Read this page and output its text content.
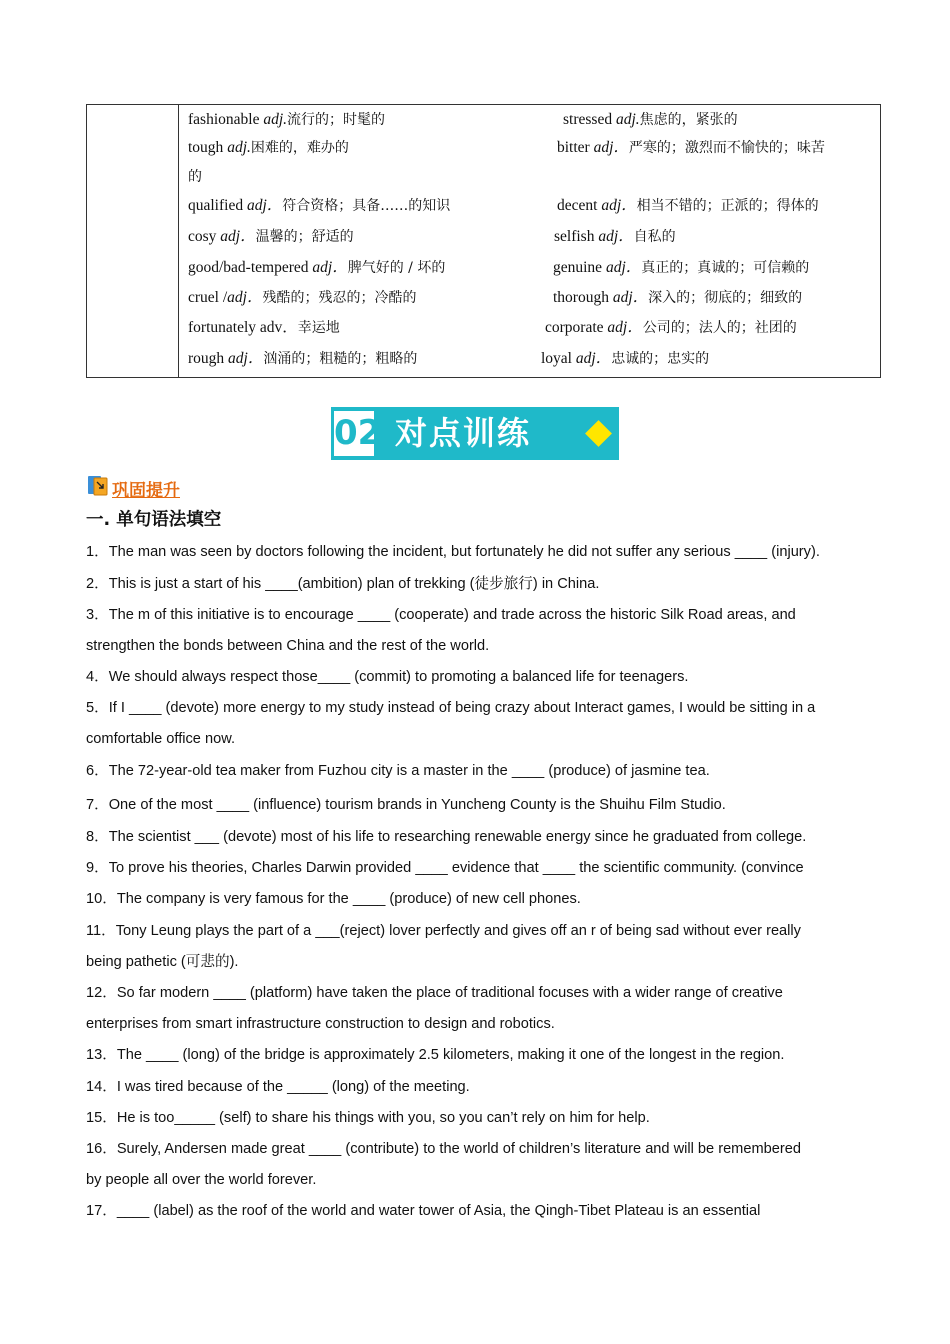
fashionable adj.流行的；时髦的	stressed adj.焦虑的，紧张的
tough adj.困难的，难办的	bitter adj．严寒的；激烈而不愉快的；味苦
的
qualified adj．符合资格；具备……的知识	decent adj．相当不错的；正派的；得体的
cosy adj．温馨的；舒适的	selfish adj．自私的
good/bad-tempered adj．脾气好的 / 坏的	genuine adj．真正的；真诚的；可信赖的
cruel /adj．残酷的；残忍的；冷酷的	thorough adj．深入的；彻底的；细致的
fortunately adv．幸运地	corporate adj．公司的；法人的；社团的
rough adj．汹涌的；粗糙的；粗略的	loyal adj．忠诚的；忠实的
02 对点训练
巩固提升
一. 单句语法填空
1．The man was seen by doctors following the incident, but fortunately he did not suffer any serious ____ (injury).
2．This is just a start of his ____(ambition) plan of trekking (徒步旅行) in China.
3．The m of this initiative is to encourage ____ (cooperate) and trade across the historic Silk Road areas, and
strengthen the bonds between China and the rest of the world.
4．We should always respect those____ (commit) to promoting a balanced life for teenagers.
5．If I ____ (devote) more energy to my study instead of being crazy about Interact games, I would be sitting in a
comfortable office now.
6．The 72-year-old tea maker from Fuzhou city is a master in the ____ (produce) of jasmine tea.
7．One of the most ____ (influence) tourism brands in Yuncheng County is the Shuihu Film Studio.
8．The scientist ___ (devote) most of his life to researching renewable energy since he graduated from college.
9．To prove his theories, Charles Darwin provided ____ evidence that ____ the scientific community. (convince
10．The company is very famous for the ____ (produce) of new cell phones.
11．Tony Leung plays the part of a ___(reject) lover perfectly and gives off an r of being sad without ever really
being pathetic (可悲的).
12．So far modern ____ (platform) have taken the place of traditional focuses with a wider range of creative
enterprises from smart infrastructure construction to design and robotics.
13．The ____ (long) of the bridge is approximately 2.5 kilometers, making it one of the longest in the region.
14．I was tired because of the _____ (long) of the meeting.
15．He is too_____ (self) to share his things with you, so you can’t rely on him for help.
16．Surely, Andersen made great ____ (contribute) to the world of children’s literature and will be remembered
by people all over the world forever.
17．____ (label) as the roof of the world and water tower of Asia, the Qingh-Tibet Plateau is an essential
